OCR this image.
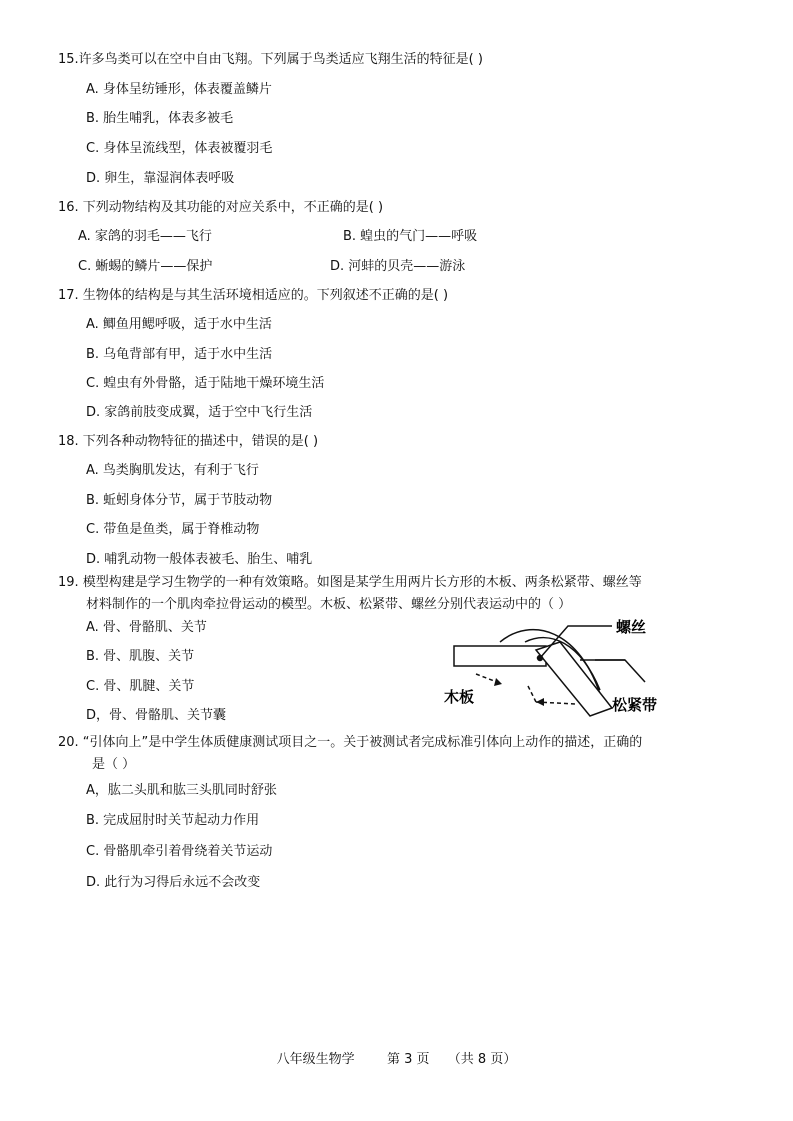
15.许多鸟类可以在空中自由飞翔。下列属于鸟类适应飞翔生活的特征是( )
A. 身体呈纺锤形，体表覆盖鳞片
B. 胎生哺乳，体表多被毛
C. 身体呈流线型，体表被覆羽毛
D. 卵生，靠湿润体表呼吸
16. 下列动物结构及其功能的对应关系中，不正确的是( )
A. 家鸽的羽毛——飞行	B. 蝗虫的气门——呼吸
C. 蜥蜴的鳞片——保护	D. 河蚌的贝壳——游泳
17. 生物体的结构是与其生活环境相适应的。下列叙述不正确的是( )
A. 鲫鱼用鳃呼吸，适于水中生活
B. 乌龟背部有甲，适于水中生活
C. 蝗虫有外骨骼，适于陆地干燥环境生活
D. 家鸽前肢变成翼，适于空中飞行生活
18. 下列各种动物特征的描述中，错误的是( )
A. 鸟类胸肌发达，有利于飞行
B. 蚯蚓身体分节，属于节肢动物
C. 带鱼是鱼类，属于脊椎动物
D. 哺乳动物一般体表被毛、胎生、哺乳
19. 模型构建是学习生物学的一种有效策略。如图是某学生用两片长方形的木板、两条松紧带、螺丝等
材料制作的一个肌肉牵拉骨运动的模型。木板、松紧带、螺丝分别代表运动中的（ ）
A. 骨、骨骼肌、关节
B. 骨、肌腹、关节
C. 骨、肌腱、关节
D，骨、骨骼肌、关节囊
螺丝
木板	松紧带
20. “引体向上”是中学生体质健康测试项目之一。关于被测试者完成标准引体向上动作的描述，正确的
是（ ）
A，肱二头肌和肱三头肌同时舒张
B. 完成屈肘时关节起动力作用
C. 骨骼肌牵引着骨绕着关节运动
D. 此行为习得后永远不会改变
八年级生物学 第 3 页 （共 8 页）
